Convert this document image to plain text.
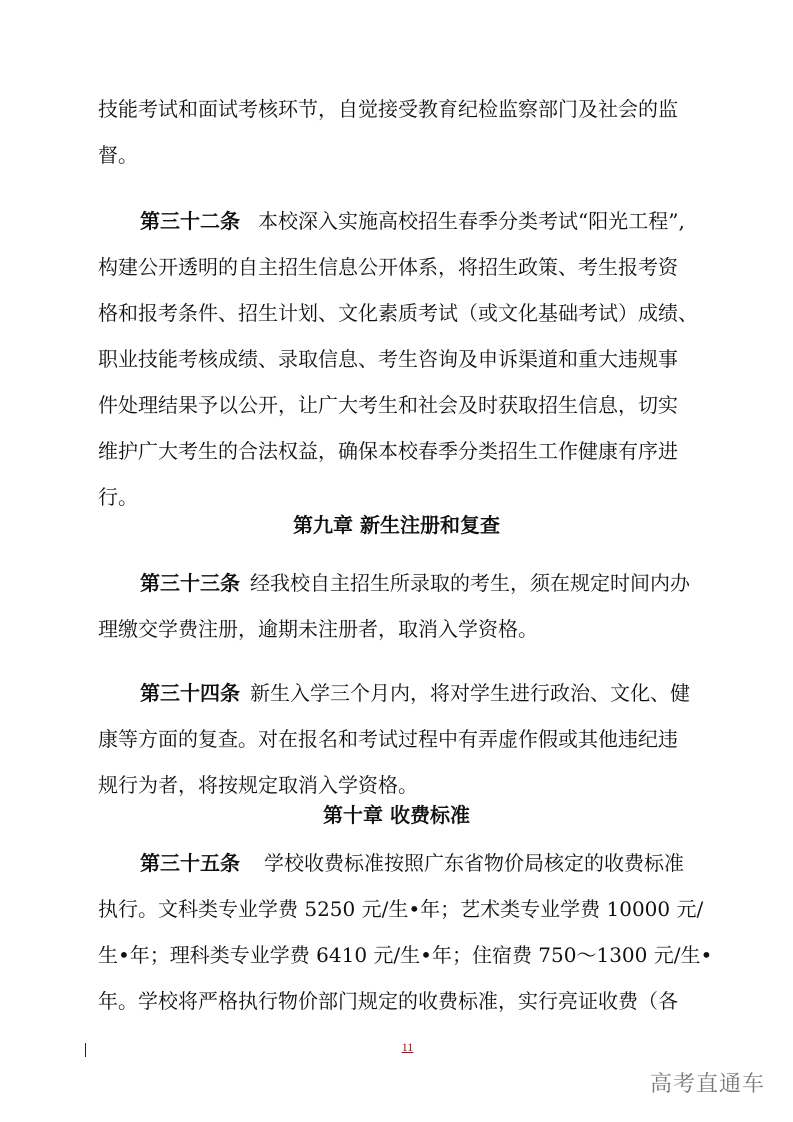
技能考试和面试考核环节，自觉接受教育纪检监察部门及社会的监
督。
第三十二条 本校深入实施高校招生春季分类考试“阳光工程”,
构建公开透明的自主招生信息公开体系，将招生政策、考生报考资
格和报考条件、招生计划、文化素质考试（或文化基础考试）成绩、
职业技能考核成绩、录取信息、考生咨询及申诉渠道和重大违规事
件处理结果予以公开，让广大考生和社会及时获取招生信息，切实
维护广大考生的合法权益，确保本校春季分类招生工作健康有序进
行。
第九章 新生注册和复查
第三十三条 经我校自主招生所录取的考生，须在规定时间内办
理缴交学费注册，逾期未注册者，取消入学资格。
第三十四条 新生入学三个月内，将对学生进行政治、文化、健
康等方面的复查。对在报名和考试过程中有弄虚作假或其他违纪违
规行为者，将按规定取消入学资格。
第十章 收费标准
第三十五条 学校收费标准按照广东省物价局核定的收费标准
执行。文科类专业学费 5250 元/生•年；艺术类专业学费 10000 元/
生•年；理科类专业学费 6410 元/生•年；住宿费 750～1300 元/生•
年。学校将严格执行物价部门规定的收费标准，实行亮证收费（各
11
高考直通车
